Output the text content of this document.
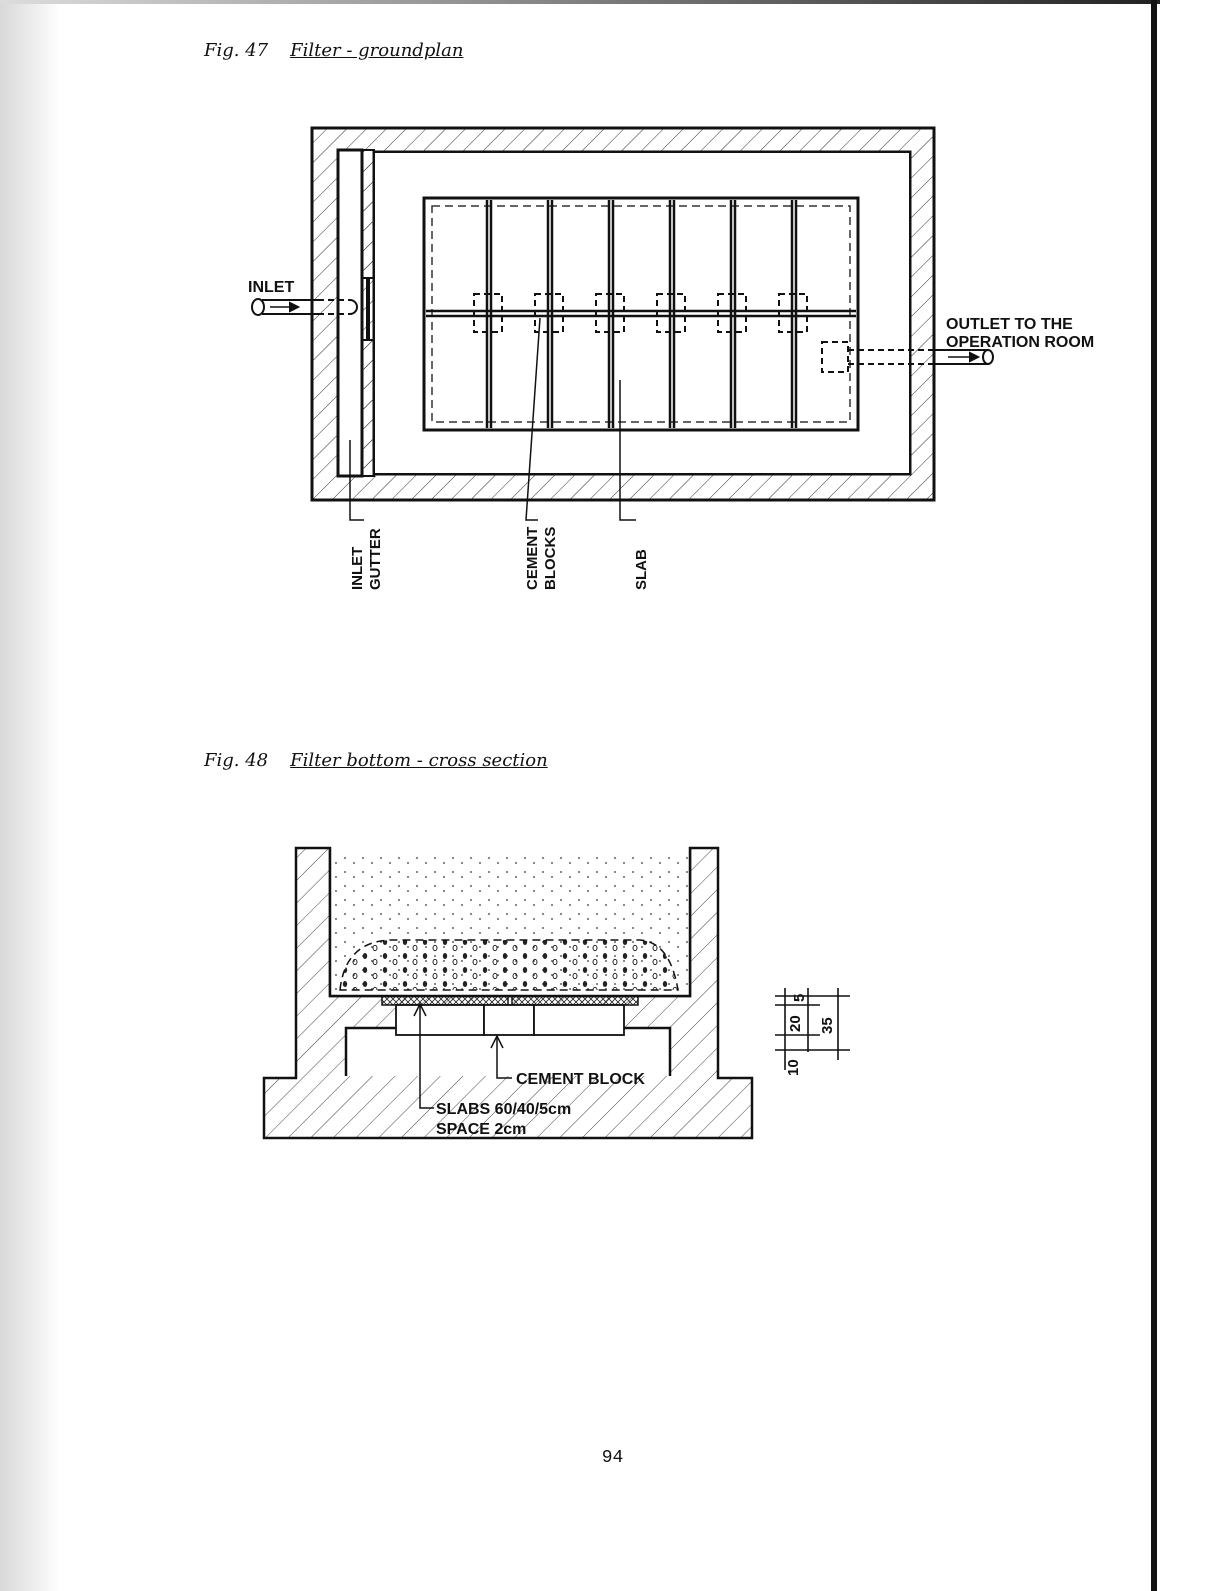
Fig. 47 Filter - groundplan
INLET
OUTLET TO THE
OPERATION ROOM
INLET GUTTER	CEMENT BLOCKS	SLAB
Fig. 48 Filter bottom - cross section
CEMENT BLOCK
SLABS 60/40/5cm
SPACE 2cm
5
20 35
10
94
